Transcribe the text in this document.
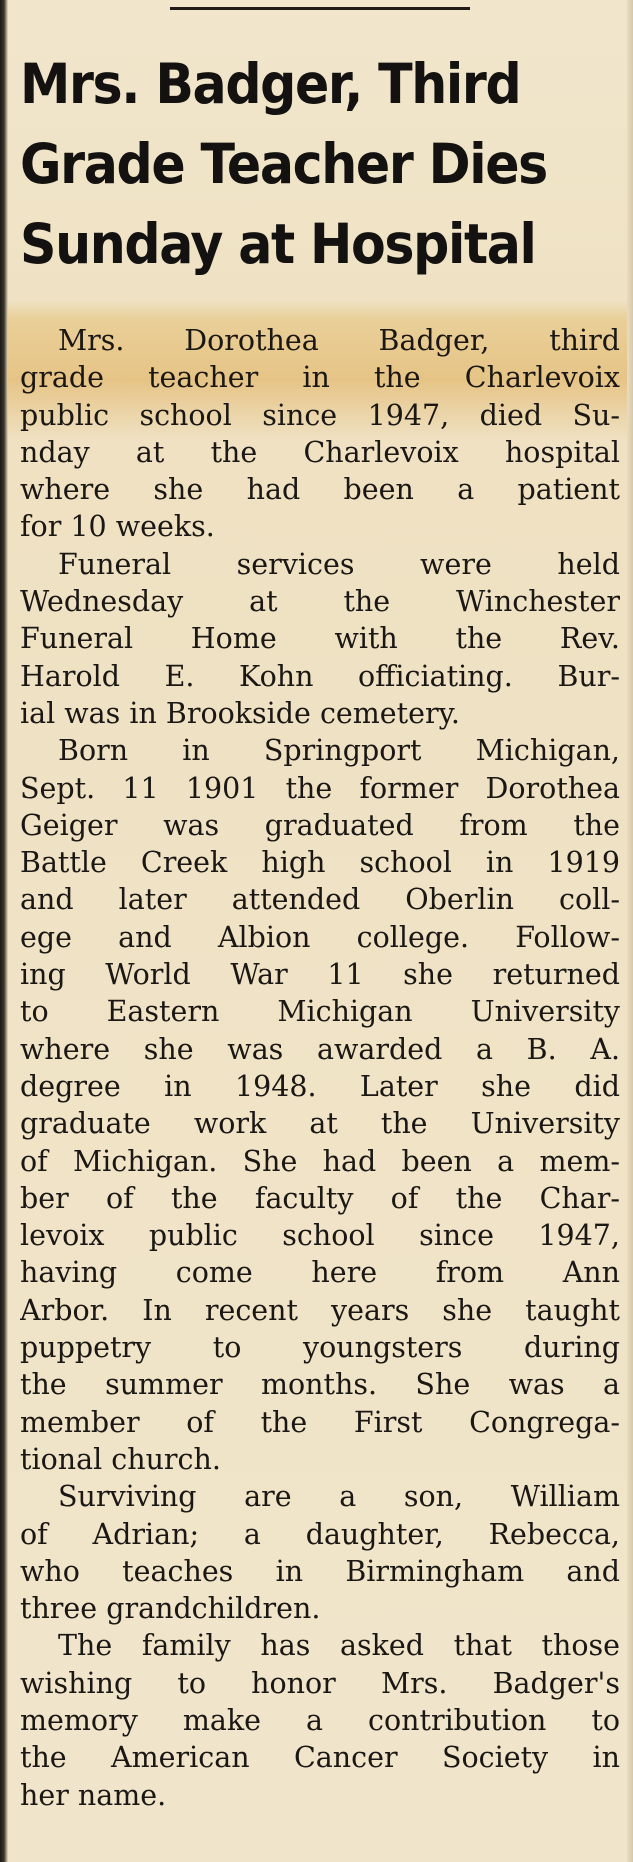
Mrs. Badger, Third
Grade Teacher Dies
Sunday at Hospital
Mrs. Dorothea Badger, third
grade teacher in the Charlevoix
public school since 1947, died Su-
nday at the Charlevoix hospital
where she had been a patient
for 10 weeks.
Funeral services were held
Wednesday at the Winchester
Funeral Home with the Rev.
Harold E. Kohn officiating. Bur-
ial was in Brookside cemetery.
Born in Springport Michigan,
Sept. 11 1901 the former Dorothea
Geiger was graduated from the
Battle Creek high school in 1919
and later attended Oberlin coll-
ege and Albion college. Follow-
ing World War 11 she returned
to Eastern Michigan University
where she was awarded a B. A.
degree in 1948. Later she did
graduate work at the University
of Michigan. She had been a mem-
ber of the faculty of the Char-
levoix public school since 1947,
having come here from Ann
Arbor. In recent years she taught
puppetry to youngsters during
the summer months. She was a
member of the First Congrega-
tional church.
Surviving are a son, William
of Adrian; a daughter, Rebecca,
who teaches in Birmingham and
three grandchildren.
The family has asked that those
wishing to honor Mrs. Badger's
memory make a contribution to
the American Cancer Society in
her name.
